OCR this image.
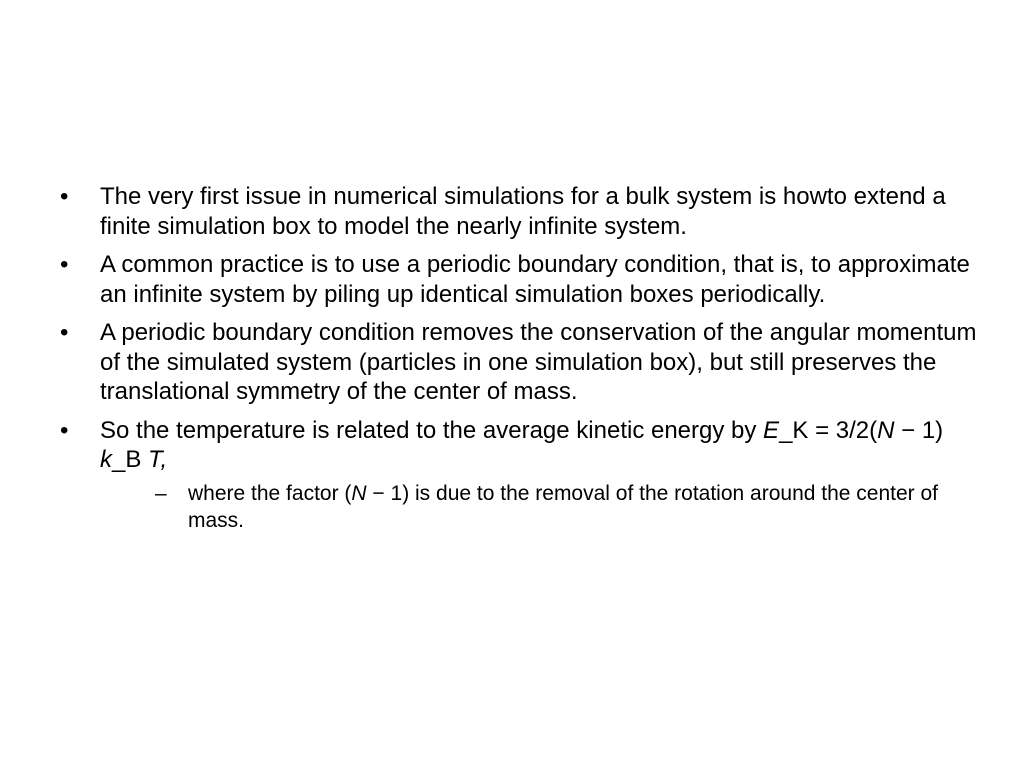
•	The very first issue in numerical simulations for a bulk system is howto extend a finite simulation box to model the nearly infinite system.
•	A common practice is to use a periodic boundary condition, that is, to approximate an infinite system by piling up identical simulation boxes periodically.
•	A periodic boundary condition removes the conservation of the angular momentum of the simulated system (particles in one simulation box), but still preserves the translational symmetry of the center of mass.
•	So the temperature is related to the average kinetic energy by E_K = 3/2(N − 1) k_B T,
–	where the factor (N − 1) is due to the removal of the rotation around the center of mass.
